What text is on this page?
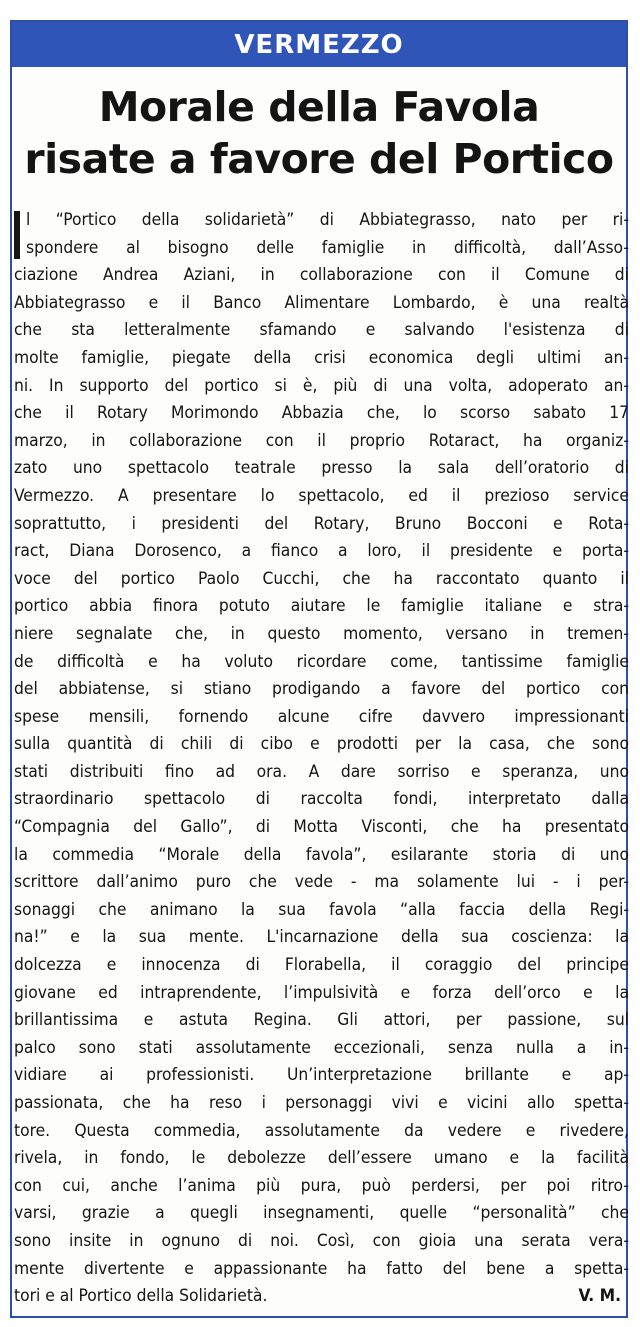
VERMEZZO
Morale della Favola
risate a favore del Portico
l “Portico della solidarietà” di Abbiategrasso, nato per ri-
spondere al bisogno delle famiglie in difficoltà, dall’Asso-
ciazione Andrea Aziani, in collaborazione con il Comune di
Abbiategrasso e il Banco Alimentare Lombardo, è una realtà
che sta letteralmente sfamando e salvando l'esistenza di
molte famiglie, piegate della crisi economica degli ultimi an-
ni. In supporto del portico si è, più di una volta, adoperato an-
che il Rotary Morimondo Abbazia che, lo scorso sabato 17
marzo, in collaborazione con il proprio Rotaract, ha organiz-
zato uno spettacolo teatrale presso la sala dell’oratorio di
Vermezzo. A presentare lo spettacolo, ed il prezioso service
soprattutto, i presidenti del Rotary, Bruno Bocconi e Rota-
ract, Diana Dorosenco, a fianco a loro, il presidente e porta-
voce del portico Paolo Cucchi, che ha raccontato quanto il
portico abbia finora potuto aiutare le famiglie italiane e stra-
niere segnalate che, in questo momento, versano in tremen-
de difficoltà e ha voluto ricordare come, tantissime famiglie
del abbiatense, si stiano prodigando a favore del portico con
spese mensili, fornendo alcune cifre davvero impressionanti
sulla quantità di chili di cibo e prodotti per la casa, che sono
stati distribuiti fino ad ora. A dare sorriso e speranza, uno
straordinario spettacolo di raccolta fondi, interpretato dalla
“Compagnia del Gallo”, di Motta Visconti, che ha presentato
la commedia “Morale della favola”, esilarante storia di uno
scrittore dall’animo puro che vede - ma solamente lui - i per-
sonaggi che animano la sua favola “alla faccia della Regi-
na!” e la sua mente. L'incarnazione della sua coscienza: la
dolcezza e innocenza di Florabella, il coraggio del principe
giovane ed intraprendente, l’impulsività e forza dell’orco e la
brillantissima e astuta Regina. Gli attori, per passione, sul
palco sono stati assolutamente eccezionali, senza nulla a in-
vidiare ai professionisti. Un’interpretazione brillante e ap-
passionata, che ha reso i personaggi vivi e vicini allo spetta-
tore. Questa commedia, assolutamente da vedere e rivedere,
rivela, in fondo, le debolezze dell’essere umano e la facilità
con cui, anche l’anima più pura, può perdersi, per poi ritro-
varsi, grazie a quegli insegnamenti, quelle “personalità” che
sono insite in ognuno di noi. Così, con gioia una serata vera-
mente divertente e appassionante ha fatto del bene a spetta-
tori e al Portico della Solidarietà.	V. M.
